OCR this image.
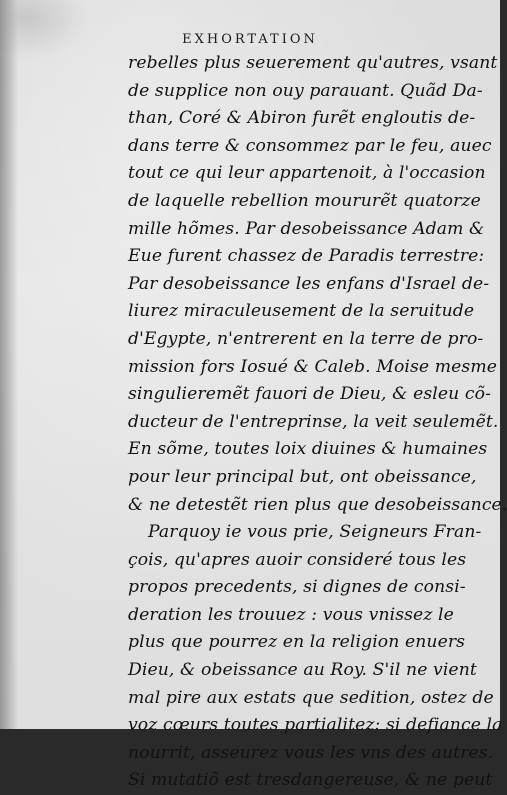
EXHORTATION
rebelles plus seuerement qu'autres, vsant
de supplice non ouy parauant. Quãd Da-
than, Coré & Abiron furẽt engloutis de-
dans terre & consommez par le feu, auec
tout ce qui leur appartenoit, à l'occasion
de laquelle rebellion moururẽt quatorze
mille hõmes. Par desobeissance Adam &
Eue furent chassez de Paradis terrestre:
Par desobeissance les enfans d'Israel de-
liurez miraculeusement de la seruitude
d'Egypte, n'entrerent en la terre de pro-
mission fors Iosué & Caleb. Moise mesme
singulieremẽt fauori de Dieu, & esleu cõ-
ducteur de l'entreprinse, la veit seulemẽt.
En sõme, toutes loix diuines & humaines
pour leur principal but, ont obeissance,
& ne detestẽt rien plus que desobeissance.
Parquoy ie vous prie, Seigneurs Fran-
çois, qu'apres auoir consideré tous les
propos precedents, si dignes de consi-
deration les trouuez : vous vnissez le
plus que pourrez en la religion enuers
Dieu, & obeissance au Roy. S'il ne vient
mal pire aux estats que sedition, ostez de
voz cœurs toutes partialitez: si defiance la
nourrit, asseurez vous les vns des autres.
Si mutatiõ est tresdangereuse, & ne peut
